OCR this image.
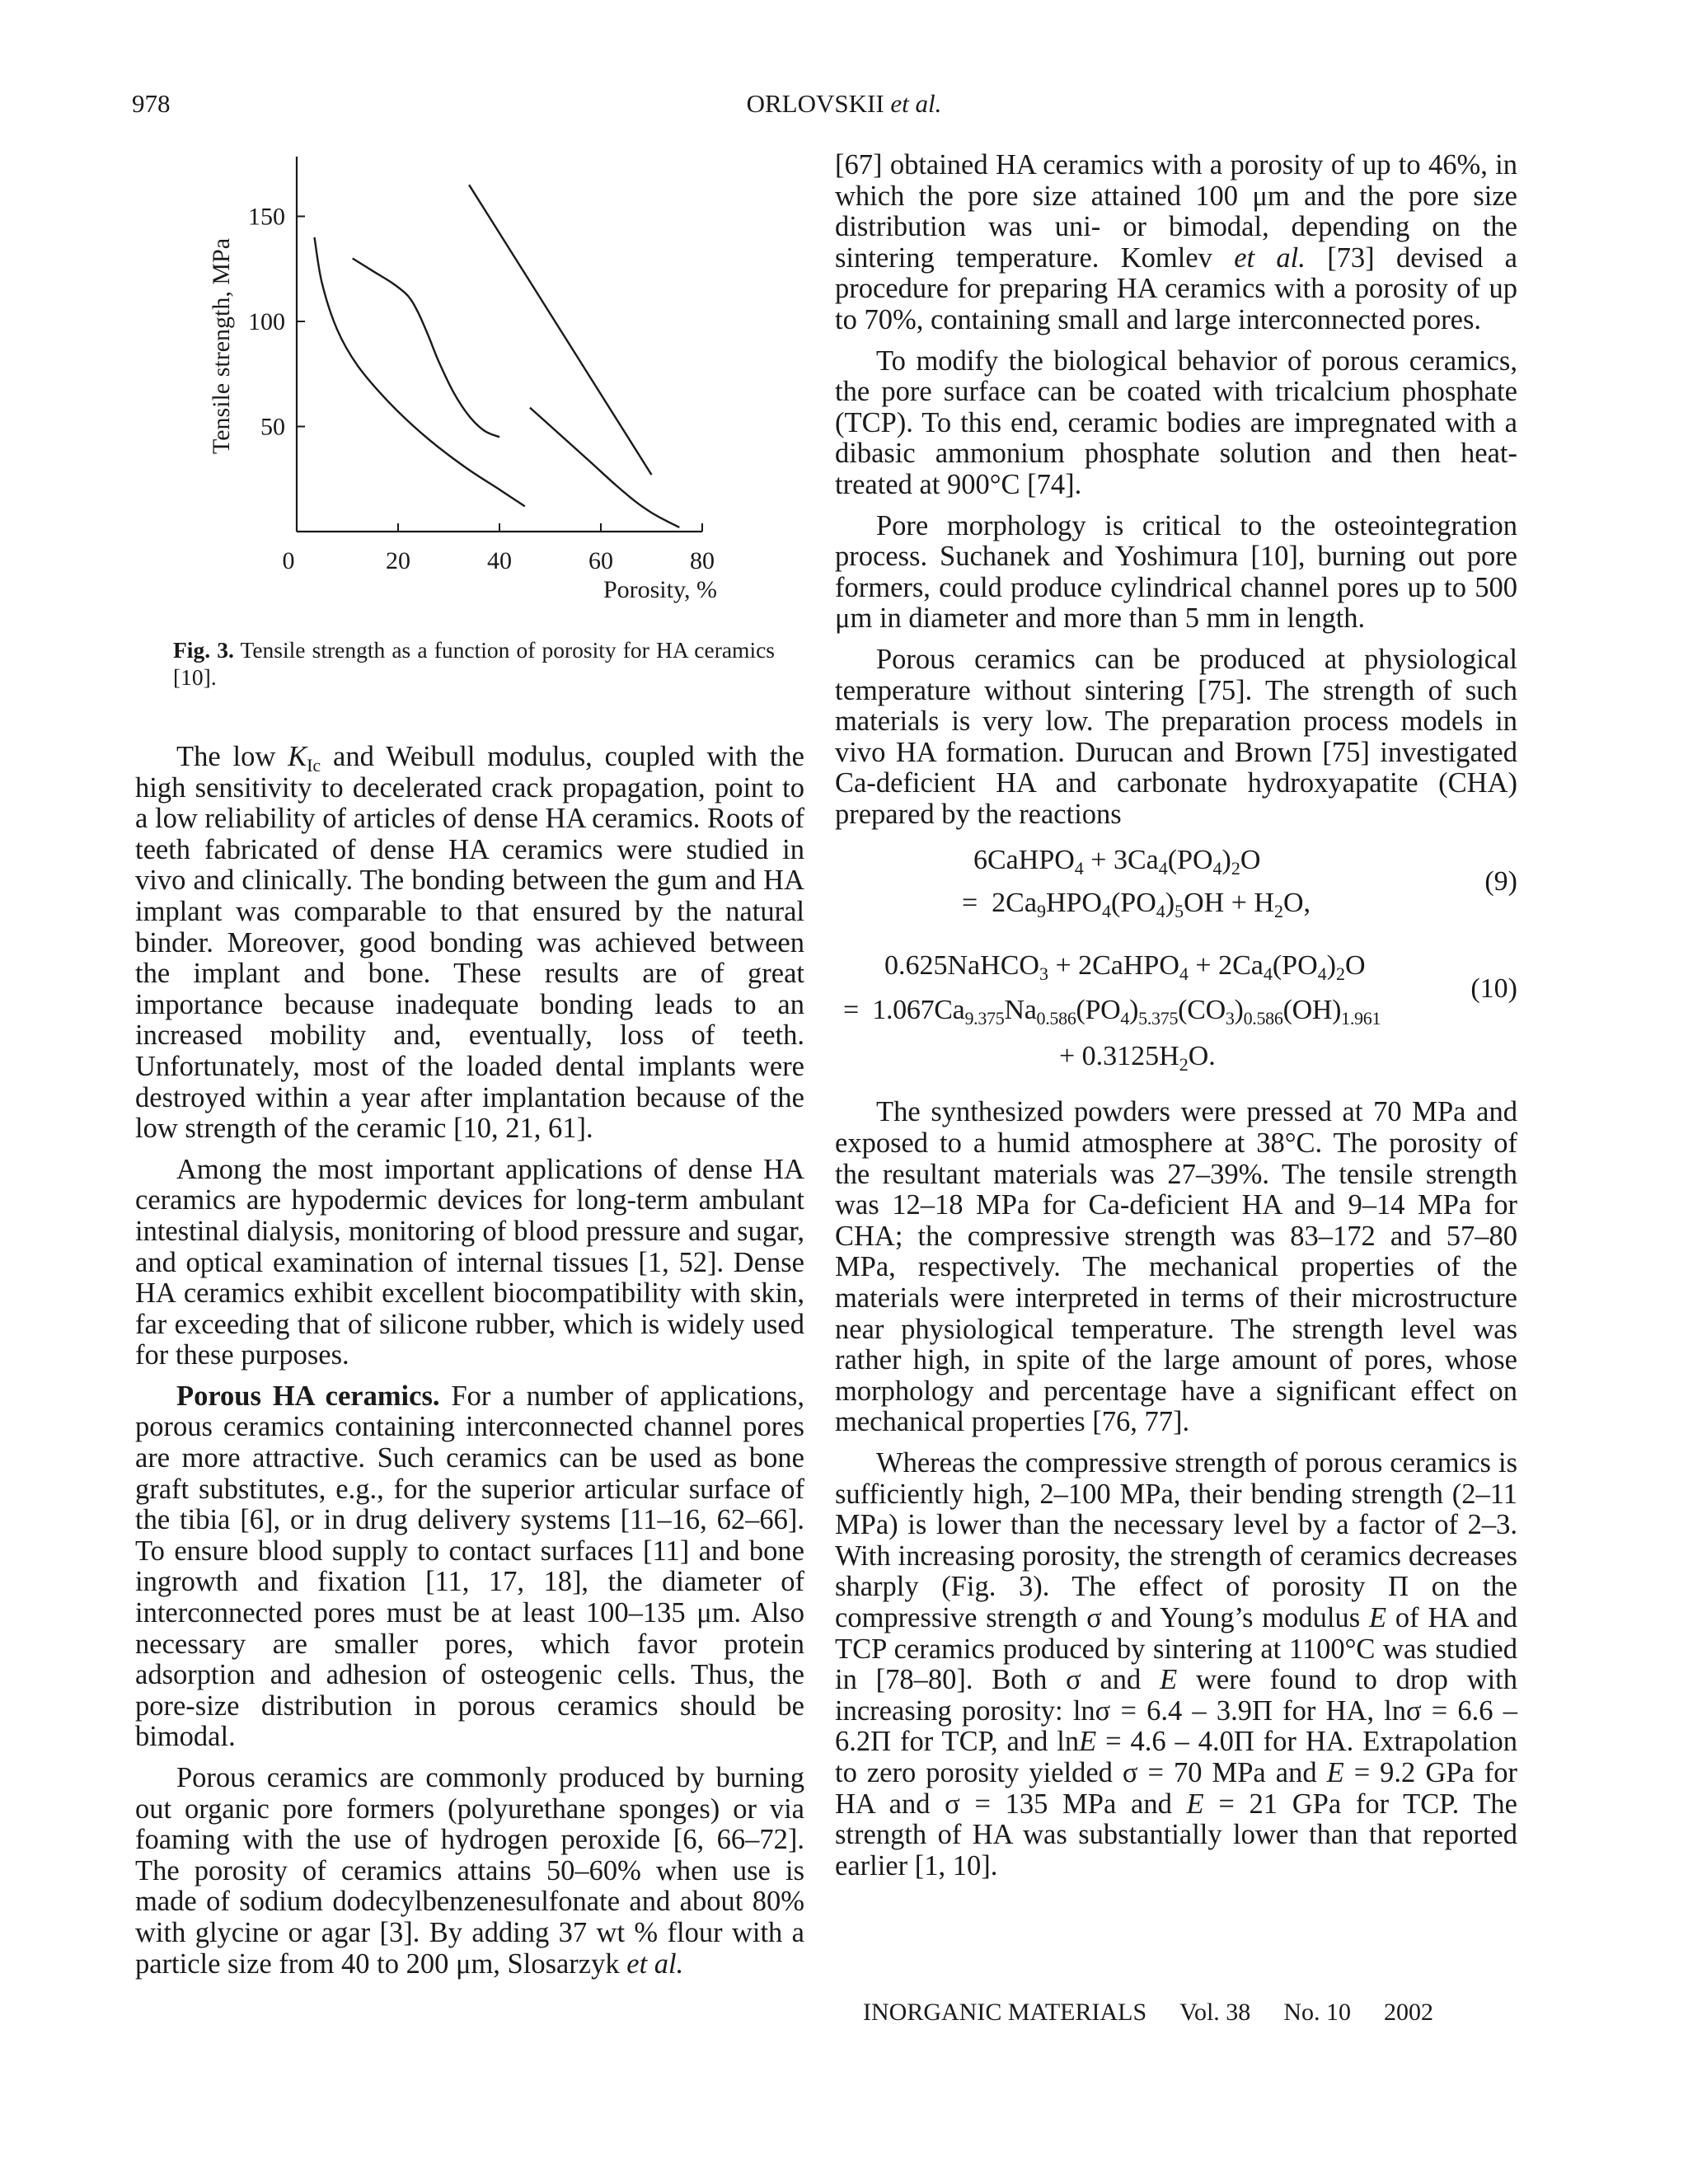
978	ORLOVSKII et al.
0	20	40	60	80
50
100
150
Porosity, %
Tensile strength, MPa
Fig. 3. Tensile strength as a function of porosity for HA ceramics [10].

The low $K_{Ic}$ and Weibull modulus, coupled with the high sensitivity to decelerated crack propagation, point to a low reliability of articles of dense HA ceramics. Roots of teeth fabricated of dense HA ceramics were studied in vivo and clinically. The bonding between the gum and HA implant was comparable to that ensured by the natural binder. Moreover, good bonding was achieved between the implant and bone. These results are of great importance because inadequate bonding leads to an increased mobility and, eventually, loss of teeth. Unfortunately, most of the loaded dental implants were destroyed within a year after implantation because of the low strength of the ceramic [10, 21, 61].

Among the most important applications of dense HA ceramics are hypodermic devices for long-term ambulant intestinal dialysis, monitoring of blood pressure and sugar, and optical examination of internal tissues [1, 52]. Dense HA ceramics exhibit excellent biocompatibility with skin, far exceeding that of silicone rubber, which is widely used for these purposes.

Porous HA ceramics. For a number of applications, porous ceramics containing interconnected channel pores are more attractive. Such ceramics can be used as bone graft substitutes, e.g., for the superior articular surface of the tibia [6], or in drug delivery systems [11–16, 62–66]. To ensure blood supply to contact surfaces [11] and bone ingrowth and fixation [11, 17, 18], the diameter of interconnected pores must be at least 100–135 μm. Also necessary are smaller pores, which favor protein adsorption and adhesion of osteogenic cells. Thus, the pore-size distribution in porous ceramics should be bimodal.

Porous ceramics are commonly produced by burning out organic pore formers (polyurethane sponges) or via foaming with the use of hydrogen peroxide [6, 66–72]. The porosity of ceramics attains 50–60% when use is made of sodium dodecylbenzenesulfonate and about 80% with glycine or agar [3]. By adding 37 wt % flour with a particle size from 40 to 200 μm, Slosarzyk et al.

[67] obtained HA ceramics with a porosity of up to 46%, in which the pore size attained 100 μm and the pore size distribution was uni- or bimodal, depending on the sintering temperature. Komlev et al. [73] devised a procedure for preparing HA ceramics with a porosity of up to 70%, containing small and large interconnected pores.

To modify the biological behavior of porous ceramics, the pore surface can be coated with tricalcium phosphate (TCP). To this end, ceramic bodies are impregnated with a dibasic ammonium phosphate solution and then heat-treated at 900°C [74].

Pore morphology is critical to the osteointegration process. Suchanek and Yoshimura [10], burning out pore formers, could produce cylindrical channel pores up to 500 μm in diameter and more than 5 mm in length.

Porous ceramics can be produced at physiological temperature without sintering [75]. The strength of such materials is very low. The preparation process models in vivo HA formation. Durucan and Brown [75] investigated Ca-deficient HA and carbonate hydroxyapatite (CHA) prepared by the reactions

6CaHPO$_4$ + $3Ca_4(PO_4)_2O$
=  $2Ca_9HPO_4(PO_4)_5OH + H_2O$,
(9)
0.625NaHCO$_3$ + 2CaHPO$_4$ + $2Ca_4(PO_4)_2O$
=  $1.067Ca_{9.375}Na_{0.586}(PO_4)_{5.375}(CO_3)_{0.586}(OH)_{1.961}$
(10)
+ $0.3125H_2O$.

The synthesized powders were pressed at 70 MPa and exposed to a humid atmosphere at 38°C. The porosity of the resultant materials was 27–39%. The tensile strength was 12–18 MPa for Ca-deficient HA and 9–14 MPa for CHA; the compressive strength was 83–172 and 57–80 MPa, respectively. The mechanical properties of the materials were interpreted in terms of their microstructure near physiological temperature. The strength level was rather high, in spite of the large amount of pores, whose morphology and percentage have a significant effect on mechanical properties [76, 77].

Whereas the compressive strength of porous ceramics is sufficiently high, 2–100 MPa, their bending strength (2–11 MPa) is lower than the necessary level by a factor of 2–3. With increasing porosity, the strength of ceramics decreases sharply (Fig. 3). The effect of porosity Π on the compressive strength σ and Young’s modulus E of HA and TCP ceramics produced by sintering at 1100°C was studied in [78–80]. Both σ and E were found to drop with increasing porosity: lnσ = 6.4 – 3.9Π for HA, lnσ = 6.6 – 6.2Π for TCP, and lnE = 4.6 – 4.0Π for HA. Extrapolation to zero porosity yielded σ = 70 MPa and E = 9.2 GPa for HA and σ = 135 MPa and E = 21 GPa for TCP. The strength of HA was substantially lower than that reported earlier [1, 10].

INORGANIC MATERIALS Vol. 38 No. 10 2002
